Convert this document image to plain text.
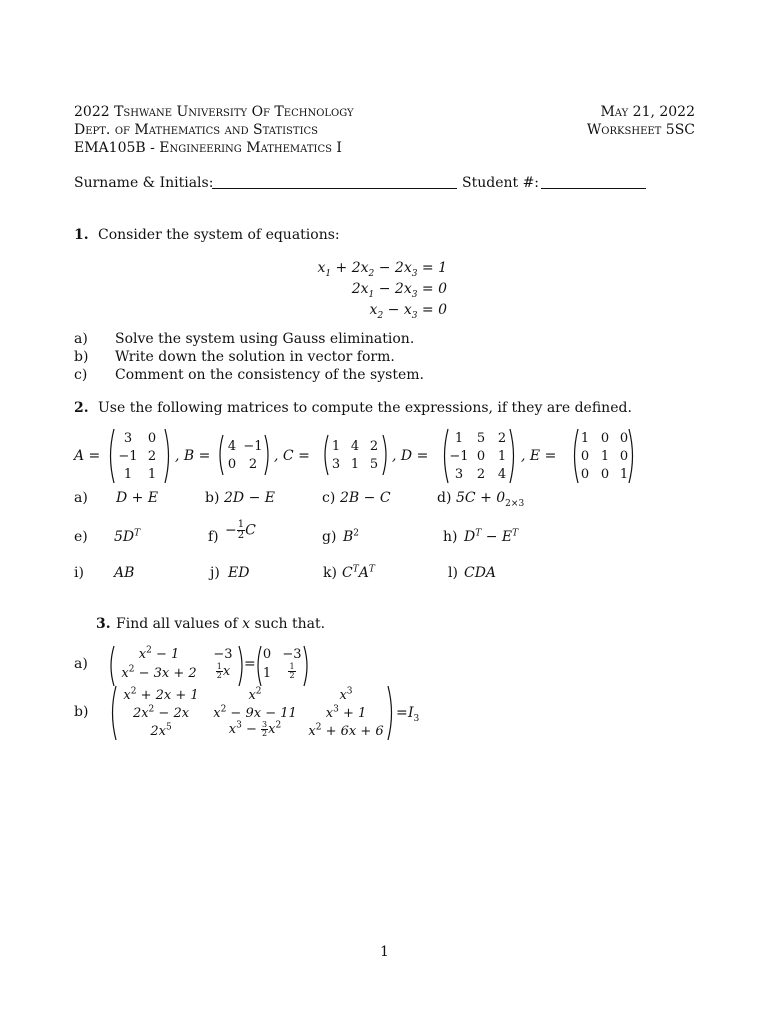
2022 Tshwane University Of Technology
Dept. of Mathematics and Statistics
EMA105B - Engineering Mathematics I
May 21, 2022
Worksheet 5SC
Surname & Initials:	Student #:
1. Consider the system of equations:
$x_1 + 2x_2 - 2x_3 = 1$
$2x_1 - 2x_3 = 0$
$x_2 - x_3 = 0$
a) Solve the system using Gauss elimination.
b) Write down the solution in vector form.
c) Comment on the consistency of the system.
2. Use the following matrices to compute the expressions, if they are defined.
A =
3	0
−1 2
1	1
, B =
4 −1
0 2
, C =
1 4 2
3 1 5
, D =
1	5 2
−1 0 1
3	2 4
, E =
1 0 0
0 1 0
0 0 1
a) D + E	b) 2D − E	c) 2B − C	d) $5C + 0_{2\times 3}$
e) $5D^T$	$f) - \frac{1}{2}$ C	g) $B^2$	h) $D^T - E^T$
i) AB	j) ED	k) $C^TA^T$	l) CDA
3. Find all values of x such that.
a)
$x^2 - 1$	−3
$x^2 - 3x + 2$	$\frac{1}{2}$ x =
0 −3
1	$\frac{1}{2}$
b)
$x^2 + 2x + 1$	$x^2$	$x^3$
$2x^2 - 2x$	$x^2 - 9x - 11$	$x^3 + 1$
$2x^5$	$x^3 - \frac{3}{2} x^2$	$x^2 + 6x + 6$
= $I_3$
1
